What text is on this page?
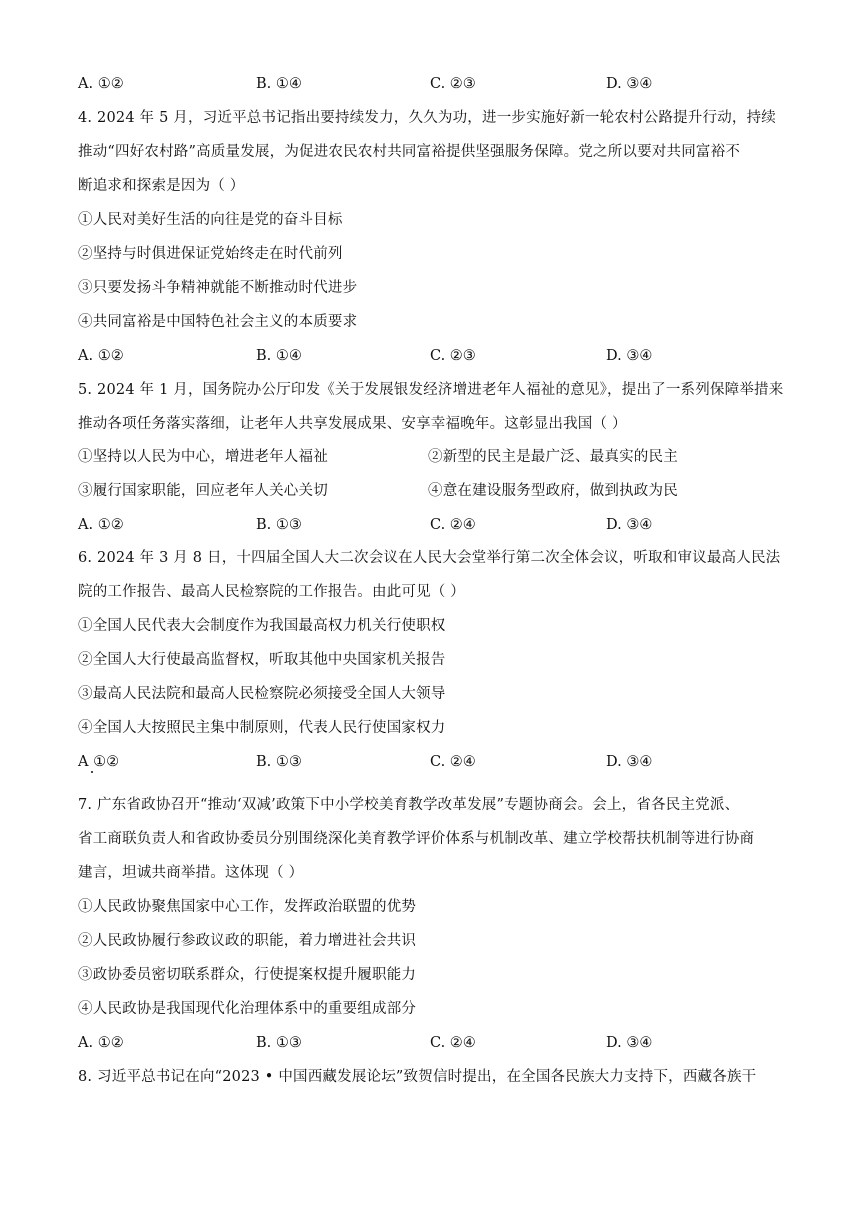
A. ①②	B. ①④	C. ②③	D. ③④
4. 2024 年 5 月，习近平总书记指出要持续发力，久久为功，进一步实施好新一轮农村公路提升行动，持续
推动“四好农村路”高质量发展，为促进农民农村共同富裕提供坚强服务保障。党之所以要对共同富裕不
断追求和探索是因为（ ）
①人民对美好生活的向往是党的奋斗目标
②坚持与时俱进保证党始终走在时代前列
③只要发扬斗争精神就能不断推动时代进步
④共同富裕是中国特色社会主义的本质要求
A. ①②	B. ①④	C. ②③	D. ③④
5. 2024 年 1 月，国务院办公厅印发《关于发展银发经济增进老年人福祉的意见》，提出了一系列保障举措来
推动各项任务落实落细，让老年人共享发展成果、安享幸福晚年。这彰显出我国（ ）
①坚持以人民为中心，增进老年人福祉	②新型的民主是最广泛、最真实的民主
③履行国家职能，回应老年人关心关切	④意在建设服务型政府，做到执政为民
A. ①②	B. ①③	C. ②④	D. ③④
6. 2024 年 3 月 8 日，十四届全国人大二次会议在人民大会堂举行第二次全体会议，听取和审议最高人民法
院的工作报告、最高人民检察院的工作报告。由此可见（ ）
①全国人民代表大会制度作为我国最高权力机关行使职权
②全国人大行使最高监督权，听取其他中央国家机关报告
③最高人民法院和最高人民检察院必须接受全国人大领导
④全国人大按照民主集中制原则，代表人民行使国家权力
A ①②	B. ①③	C. ②④	D. ③④
7. 广东省政协召开“推动‘双减’政策下中小学校美育教学改革发展”专题协商会。会上，省各民主党派、
省工商联负责人和省政协委员分别围绕深化美育教学评价体系与机制改革、建立学校帮扶机制等进行协商
建言，坦诚共商举措。这体现（ ）
①人民政协聚焦国家中心工作，发挥政治联盟的优势
②人民政协履行参政议政的职能，着力增进社会共识
③政协委员密切联系群众，行使提案权提升履职能力
④人民政协是我国现代化治理体系中的重要组成部分
A. ①②	B. ①③	C. ②④	D. ③④
8. 习近平总书记在向“2023 • 中国西藏发展论坛”致贺信时提出，在全国各民族大力支持下，西藏各族干
